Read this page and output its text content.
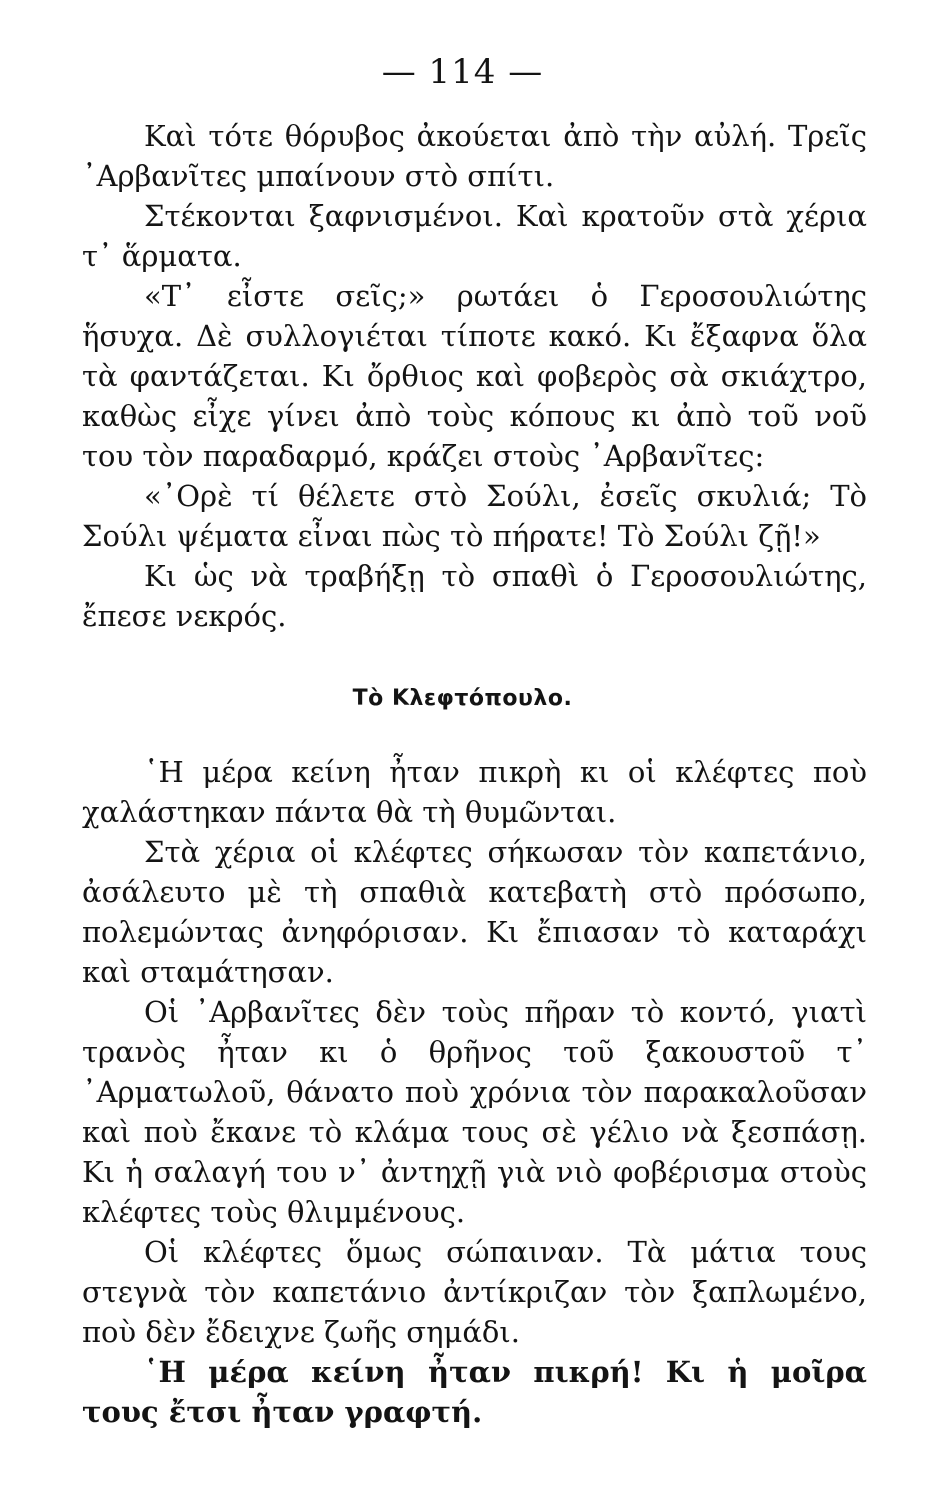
— 114 —

Καὶ τότε θόρυβος ἀκούεται ἀπὸ τὴν αὐλή. Τρεῖς ᾿Αρβανῖτες μπαίνουν στὸ σπίτι.

Στέκονται ξαφνισμένοι. Καὶ κρατοῦν στὰ χέρια τ᾿ ἅρματα.

«Τ᾿ εἶστε σεῖς;» ρωτάει ὁ Γεροσουλιώτης ἥσυχα. Δὲ συλλογιέται τίποτε κακό. Κι ἔξαφνα ὅλα τὰ φαντάζεται. Κι ὄρθιος καὶ φοβερὸς σὰ σκιάχτρο, καθὼς εἶχε γίνει ἀπὸ τοὺς κόπους κι ἀπὸ τοῦ νοῦ του τὸν παραδαρμό, κράζει στοὺς ᾿Αρβανῖτες:

«᾿Ορὲ τί θέλετε στὸ Σούλι, ἐσεῖς σκυλιά; Τὸ Σούλι ψέματα εἶναι πὼς τὸ πήρατε! Τὸ Σούλι ζῇ!»

Κι ὡς νὰ τραβήξῃ τὸ σπαθὶ ὁ Γεροσουλιώτης, ἔπεσε νεκρός.

Τὸ Κλεφτόπουλο.

῾Η μέρα κείνη ἦταν πικρὴ κι οἱ κλέφτες ποὺ χαλάστηκαν πάντα θὰ τὴ θυμῶνται.

Στὰ χέρια οἱ κλέφτες σήκωσαν τὸν καπετάνιο, ἀσάλευτο μὲ τὴ σπαθιὰ κατεβατὴ στὸ πρόσωπο, πολεμώντας ἀνηφόρισαν. Κι ἔπιασαν τὸ καταράχι καὶ σταμάτησαν.

Οἱ ᾿Αρβανῖτες δὲν τοὺς πῆραν τὸ κοντό, γιατὶ τρανὸς ἦταν κι ὁ θρῆνος τοῦ ξακουστοῦ τ᾿ ᾿Αρματωλοῦ, θάνατο ποὺ χρόνια τὸν παρακαλοῦσαν καὶ ποὺ ἔκανε τὸ κλάμα τους σὲ γέλιο νὰ ξεσπάσῃ. Κι ἡ σαλαγή του ν᾿ ἀντηχῇ γιὰ νιὸ φοβέρισμα στοὺς κλέφτες τοὺς θλιμμένους.

Οἱ κλέφτες ὅμως σώπαιναν. Τὰ μάτια τους στεγνὰ τὸν καπετάνιο ἀντίκριζαν τὸν ξαπλωμένο, ποὺ δὲν ἔδειχνε ζωῆς σημάδι.

῾Η μέρα κείνη ἦταν πικρή! Κι ἡ μοῖρα τους ἔτσι ἦταν γραφτή.
